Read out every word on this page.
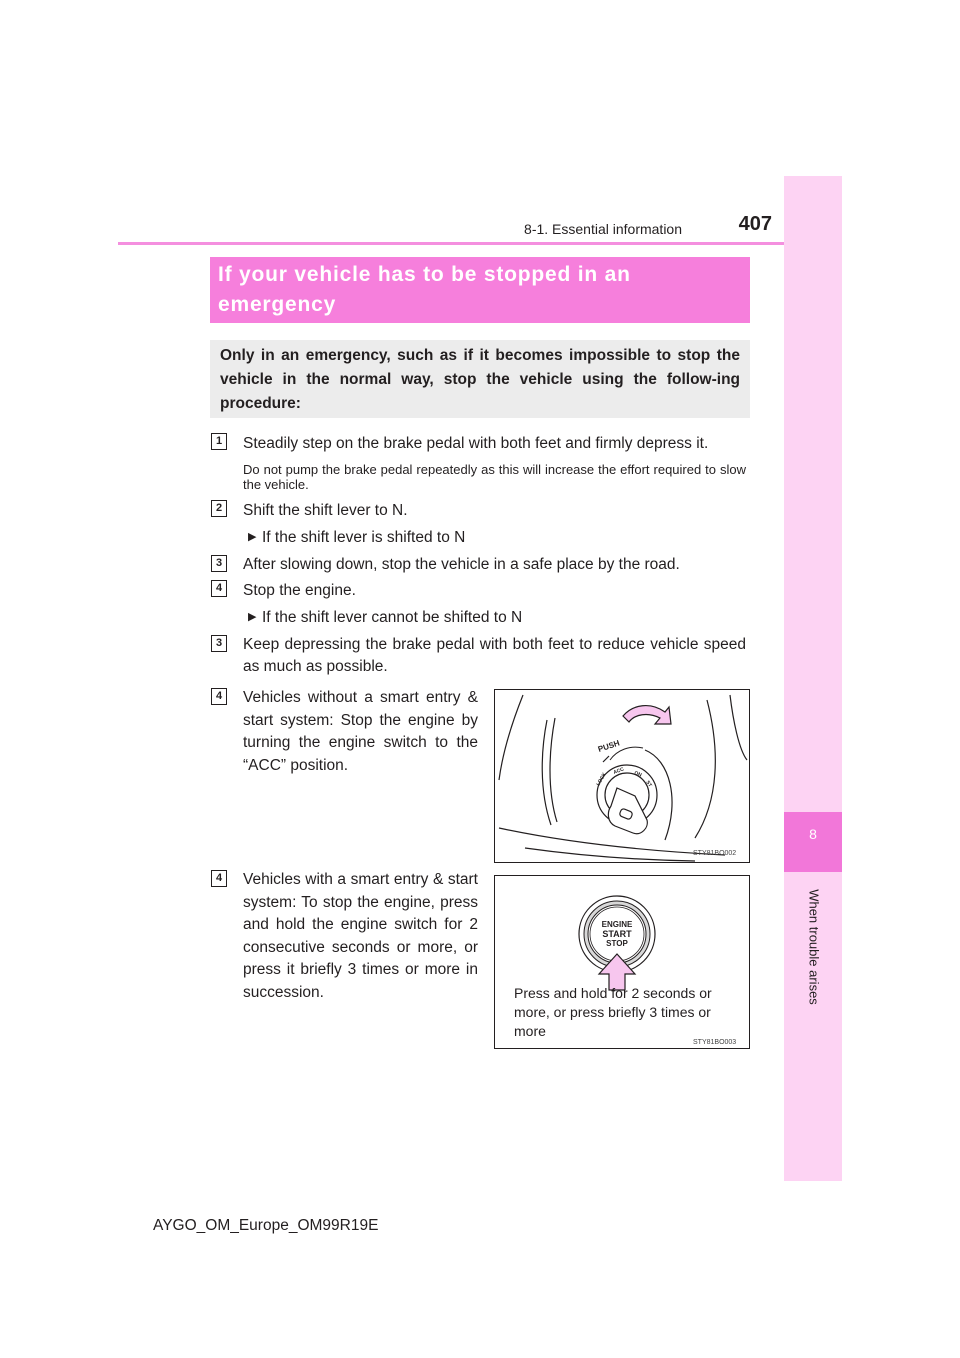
8
When trouble arises
8-1. Essential information	407
If your vehicle has to be stopped in an
emergency
Only in an emergency, such as if it becomes impossible to stop the vehicle in the normal way, stop the vehicle using the follow-ing procedure:
1	Steadily step on the brake pedal with both feet and firmly depress it.
Do not pump the brake pedal repeatedly as this will increase the effort required to slow the vehicle.
2	Shift the shift lever to N.
▶ If the shift lever is shifted to N
3	After slowing down, stop the vehicle in a safe place by the road.
4	Stop the engine.
▶ If the shift lever cannot be shifted to N
3	Keep depressing the brake pedal with both feet to reduce vehicle speed as much as possible.
4	Vehicles without a smart entry & start system: Stop the engine by turning the engine switch to the “ACC” position.
PUSH
LOCK
ACC ON
ST
STY81BO002
4	Vehicles with a smart entry & start system: To stop the engine, press and hold the engine switch for 2 consecutive seconds or more, or press it briefly 3 times or more in succession.
ENGINE
START
STOP
STY81BO003
Press and hold for 2 seconds or more, or press briefly 3 times or more
AYGO_OM_Europe_OM99R19E
